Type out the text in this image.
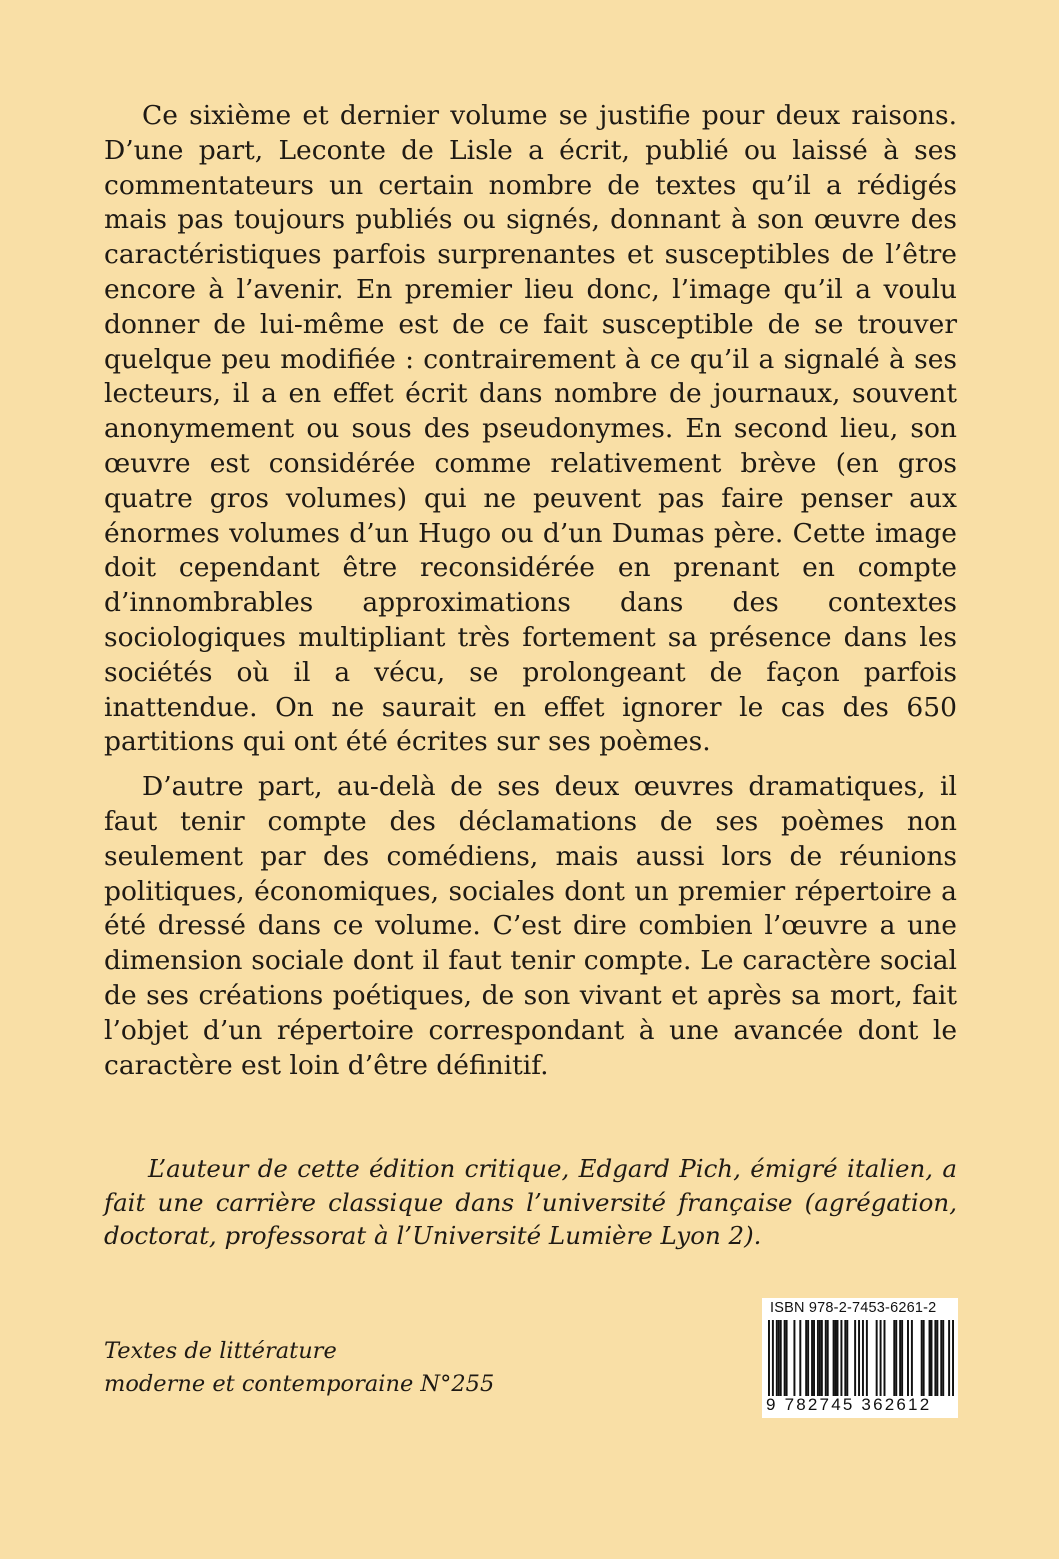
Ce sixième et dernier volume se justifie pour deux raisons. D’une part, Leconte de Lisle a écrit, publié ou laissé à ses commentateurs un certain nombre de textes qu’il a rédigés mais pas toujours publiés ou signés, donnant à son œuvre des caractéristiques parfois surprenantes et susceptibles de l’être encore à l’avenir. En premier lieu donc, l’image qu’il a voulu donner de lui-même est de ce fait susceptible de se trouver quelque peu modifiée : contrairement à ce qu’il a signalé à ses lecteurs, il a en effet écrit dans nombre de journaux, souvent anonymement ou sous des pseudonymes. En second lieu, son œuvre est considérée comme relativement brève (en gros quatre gros volumes) qui ne peuvent pas faire penser aux énormes volumes d’un Hugo ou d’un Dumas père. Cette image doit cependant être reconsidérée en prenant en compte d’innombrables approximations dans des contextes sociologiques multipliant très fortement sa présence dans les sociétés où il a vécu, se prolongeant de façon parfois inattendue. On ne saurait en effet ignorer le cas des 650 partitions qui ont été écrites sur ses poèmes.

D’autre part, au-delà de ses deux œuvres dramatiques, il faut tenir compte des déclamations de ses poèmes non seulement par des comédiens, mais aussi lors de réunions politiques, économiques, sociales dont un premier répertoire a été dressé dans ce volume. C’est dire combien l’œuvre a une dimension sociale dont il faut tenir compte. Le caractère social de ses créations poétiques, de son vivant et après sa mort, fait l’objet d’un répertoire correspondant à une avancée dont le caractère est loin d’être définitif.

L’auteur de cette édition critique, Edgard Pich, émigré italien, a fait une carrière classique dans l’université française (agrégation, doctorat, professorat à l’Université Lumière Lyon 2).

Textes de littérature
moderne et contemporaine N°255
ISBN 978-2-7453-6261-2
9 782745 362612
